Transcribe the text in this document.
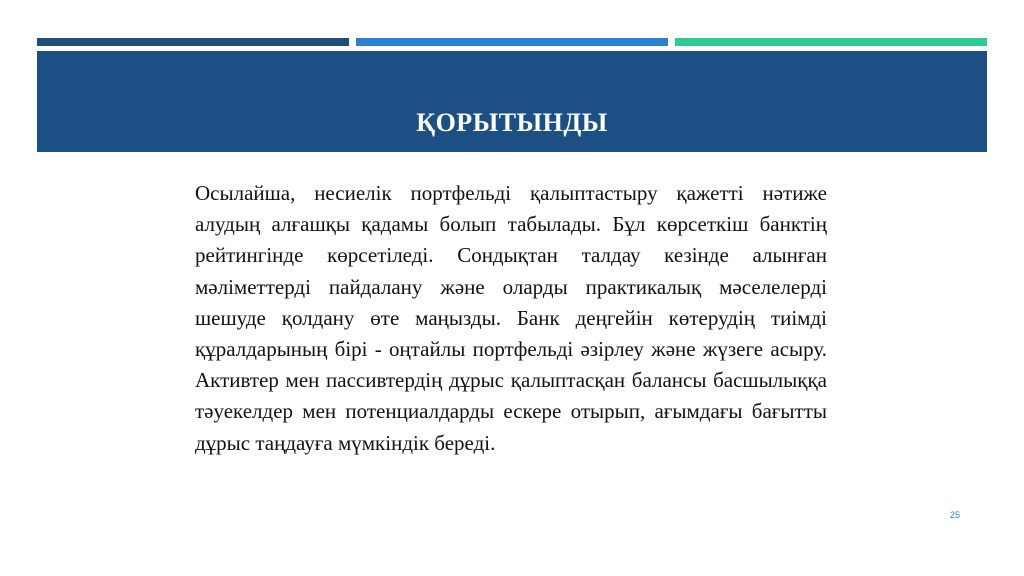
ҚОРЫТЫНДЫ

Осылайша, несиелік портфельді қалыптастыру қажетті нәтиже алудың алғашқы қадамы болып табылады. Бұл көрсеткіш банктің рейтингінде көрсетіледі. Сондықтан талдау кезінде алынған мәліметтерді пайдалану және оларды практикалық мәселелерді шешуде қолдану өте маңызды. Банк деңгейін көтерудің тиімді құралдарының бірі - оңтайлы портфельді әзірлеу және жүзеге асыру. Активтер мен пассивтердің дұрыс қалыптасқан балансы басшылыққа тәуекелдер мен потенциалдарды ескере отырып, ағымдағы бағытты дұрыс таңдауға мүмкіндік береді.

25
